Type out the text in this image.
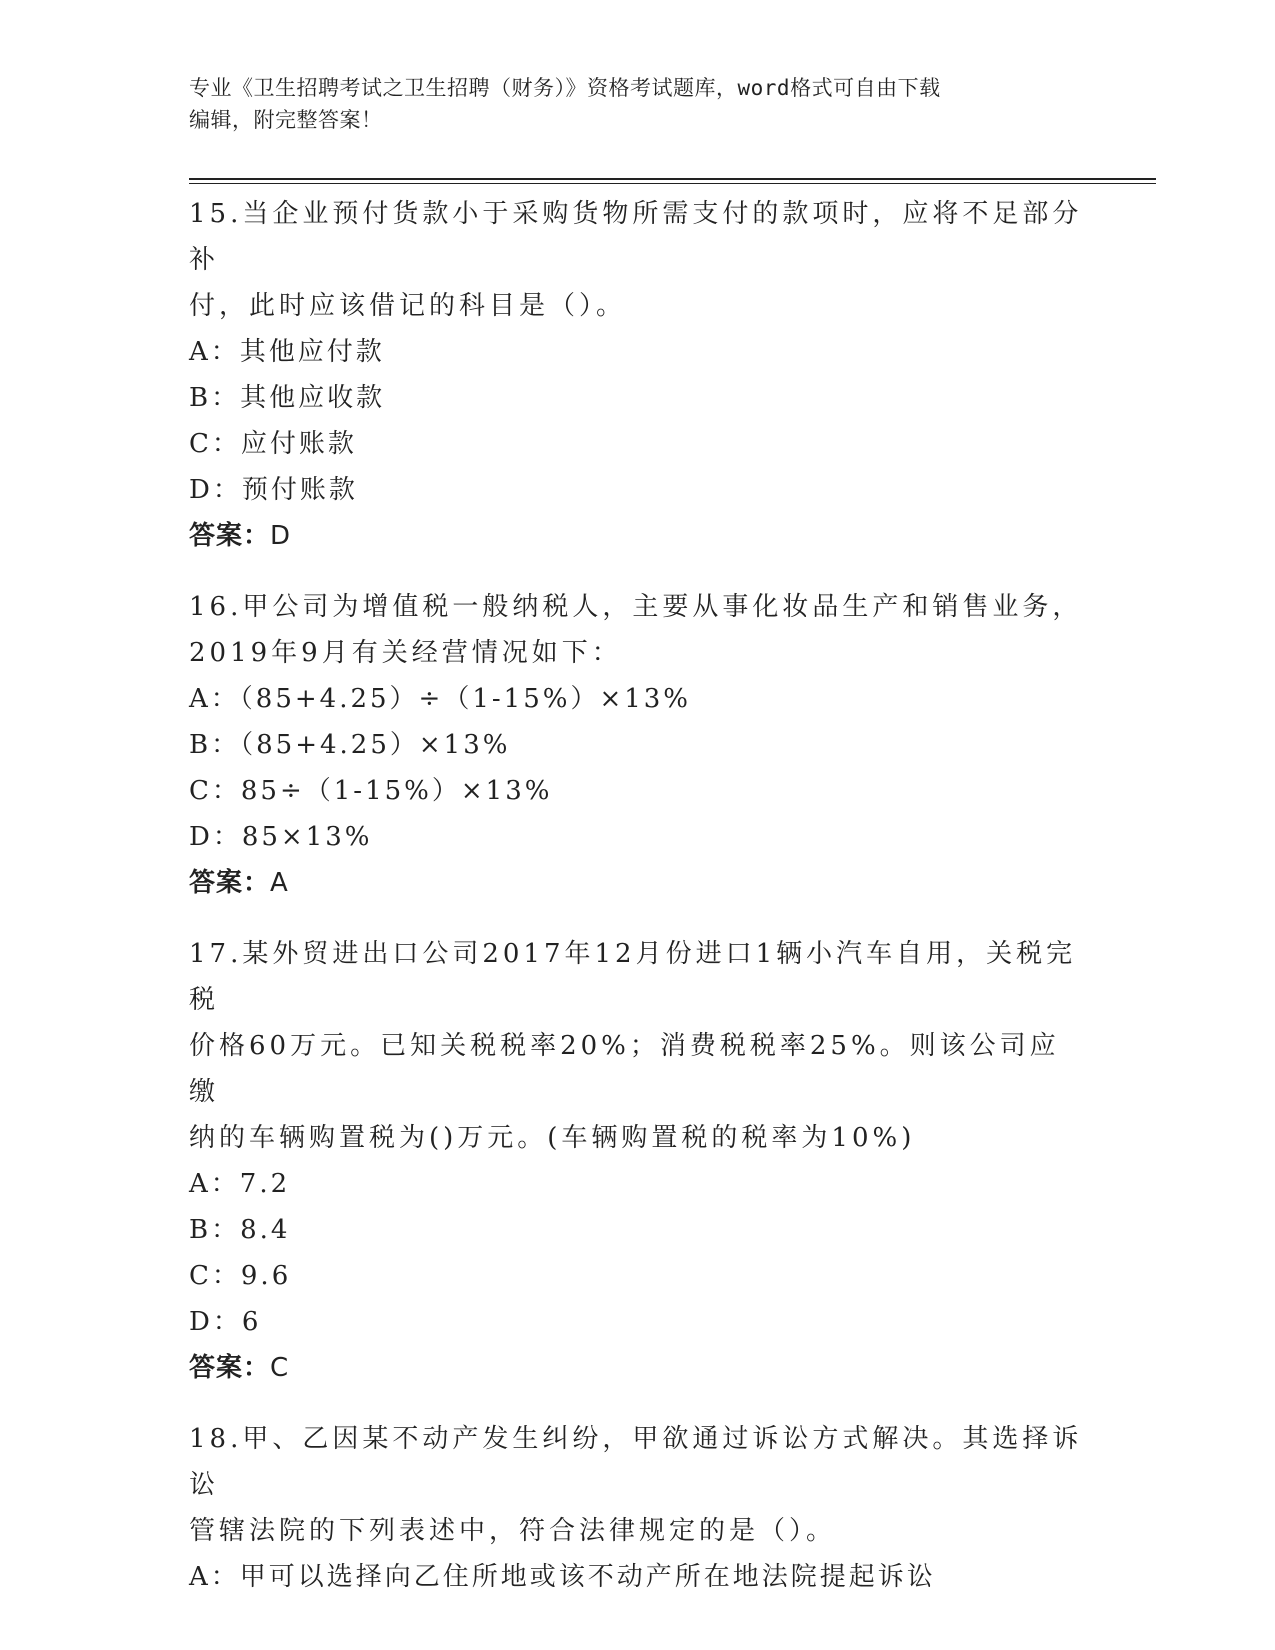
专业《卫生招聘考试之卫生招聘（财务）》资格考试题库，word格式可自由下载
编辑，附完整答案！
15.当企业预付货款小于采购货物所需支付的款项时，应将不足部分补
付，此时应该借记的科目是（）。
A：其他应付款
B：其他应收款
C：应付账款
D：预付账款
答案：D
16.甲公司为增值税一般纳税人，主要从事化妆品生产和销售业务，
2019年9月有关经营情况如下：
A：（85+4.25）÷（1-15%）×13%
B：（85+4.25）×13%
C：85÷（1-15%）×13%
D：85×13%
答案：A
17.某外贸进出口公司2017年12月份进口1辆小汽车自用，关税完税
价格60万元。已知关税税率20%；消费税税率25%。则该公司应缴
纳的车辆购置税为()万元。(车辆购置税的税率为10%)
A：7.2
B：8.4
C：9.6
D：6
答案：C
18.甲、乙因某不动产发生纠纷，甲欲通过诉讼方式解决。其选择诉讼
管辖法院的下列表述中，符合法律规定的是（）。
A：甲可以选择向乙住所地或该不动产所在地法院提起诉讼
